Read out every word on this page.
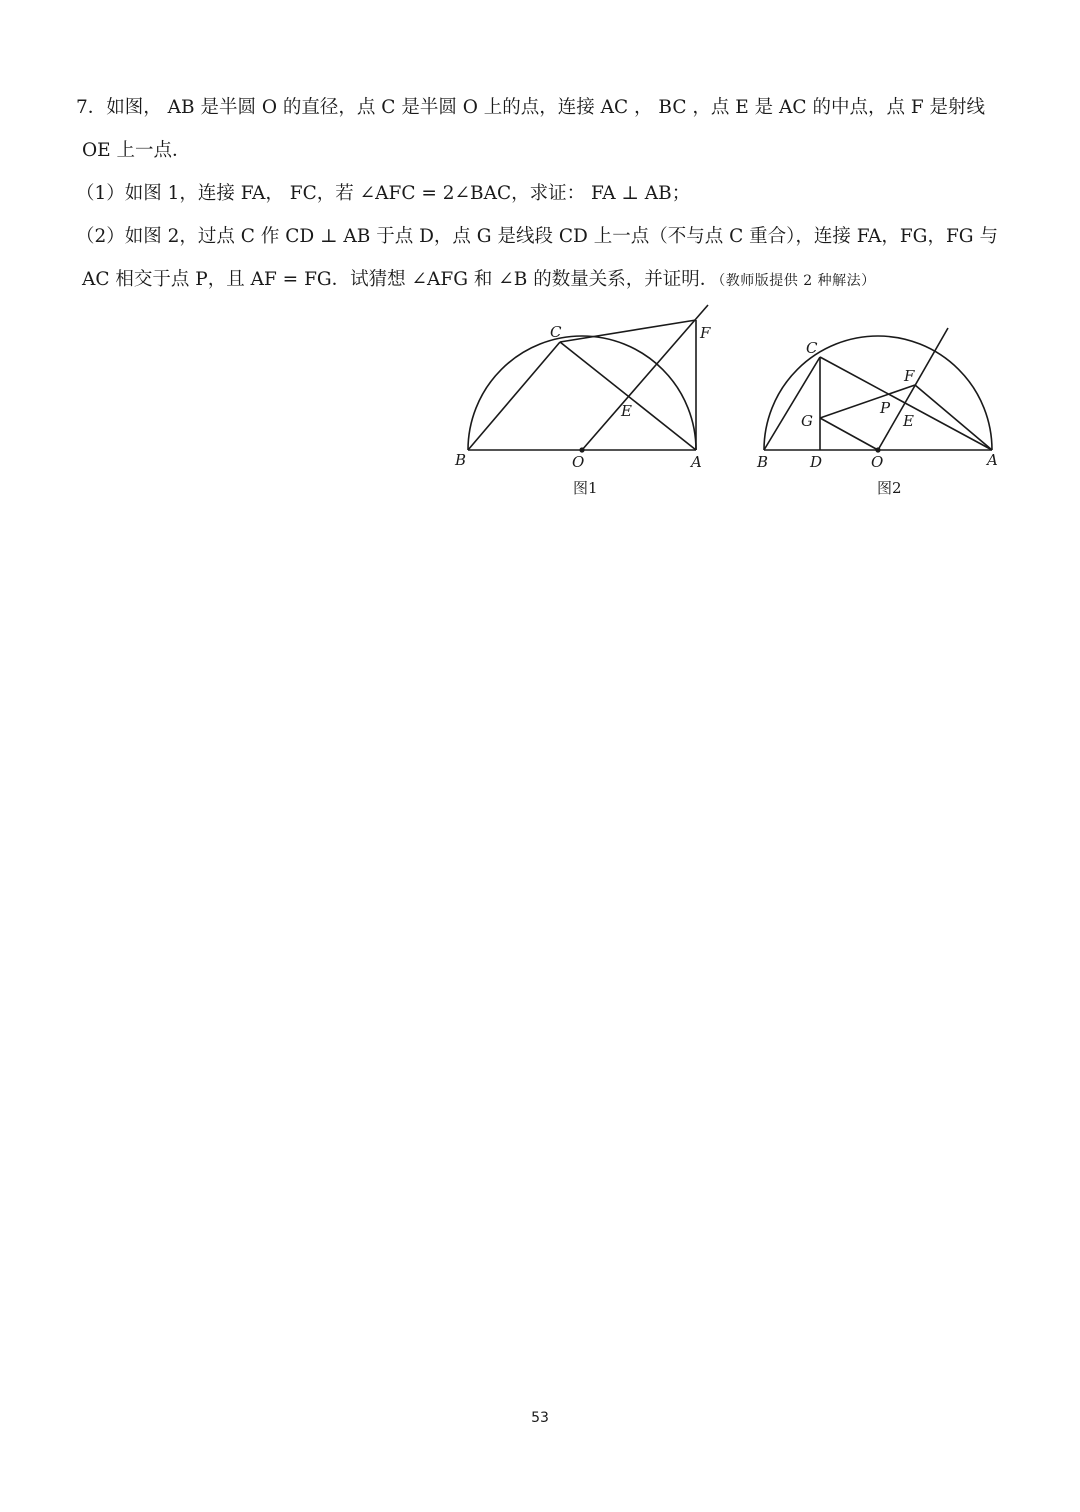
7．如图， AB 是半圆 O 的直径，点 C 是半圆 O 上的点，连接 AC ， BC ，点 E 是 AC 的中点，点 F 是射线
OE 上一点．
（1）如图 1，连接 FA， FC，若 ∠AFC = 2∠BAC，求证： FA ⊥ AB；
（2）如图 2，过点 C 作 CD ⊥ AB 于点 D，点 G 是线段 CD 上一点（不与点 C 重合），连接 FA，FG，FG 与
AC 相交于点 P，且 AF = FG．试猜想 ∠AFG 和 ∠B 的数量关系，并证明．（教师版提供 2 种解法）
B	O	A
C	F
E
图1
B	D	O	A
C
F
P
E
G
图2
53
